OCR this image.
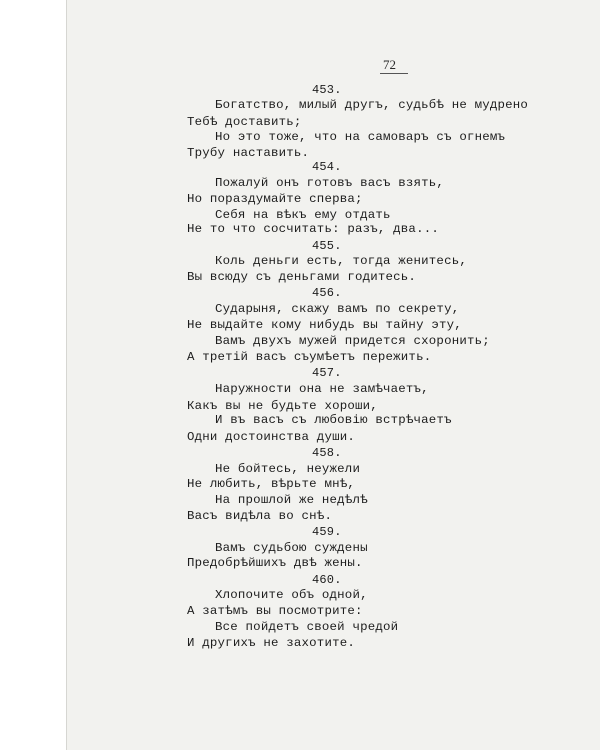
72
453.
Богатство, милый другъ, судьбѣ не мудрено
Тебѣ доставить;
Но это тоже, что на самоваръ съ огнемъ
Трубу наставить.
454.
Пожалуй онъ готовъ васъ взять,
Но пораздумайте сперва;
Себя на вѣкъ ему отдать
Не то что сосчитать: разъ, два...
455.
Коль деньги есть, тогда женитесь,
Вы всюду съ деньгами годитесь.
456.
Сударыня, скажу вамъ по секрету,
Не выдайте кому нибудь вы тайну эту,
Вамъ двухъ мужей придется схоронить;
А третій васъ съумѣетъ пережить.
457.
Наружности она не замѣчаетъ,
Какъ вы не будьте хороши,
И въ васъ съ любовію встрѣчаетъ
Одни достоинства души.
458.
Не бойтесь, неужели
Не любить, вѣрьте мнѣ,
На прошлой же недѣлѣ
Васъ видѣла во снѣ.
459.
Вамъ судьбою суждены
Предобрѣйшихъ двѣ жены.
460.
Хлопочите объ одной,
А затѣмъ вы посмотрите:
Все пойдетъ своей чредой
И другихъ не захотите.
